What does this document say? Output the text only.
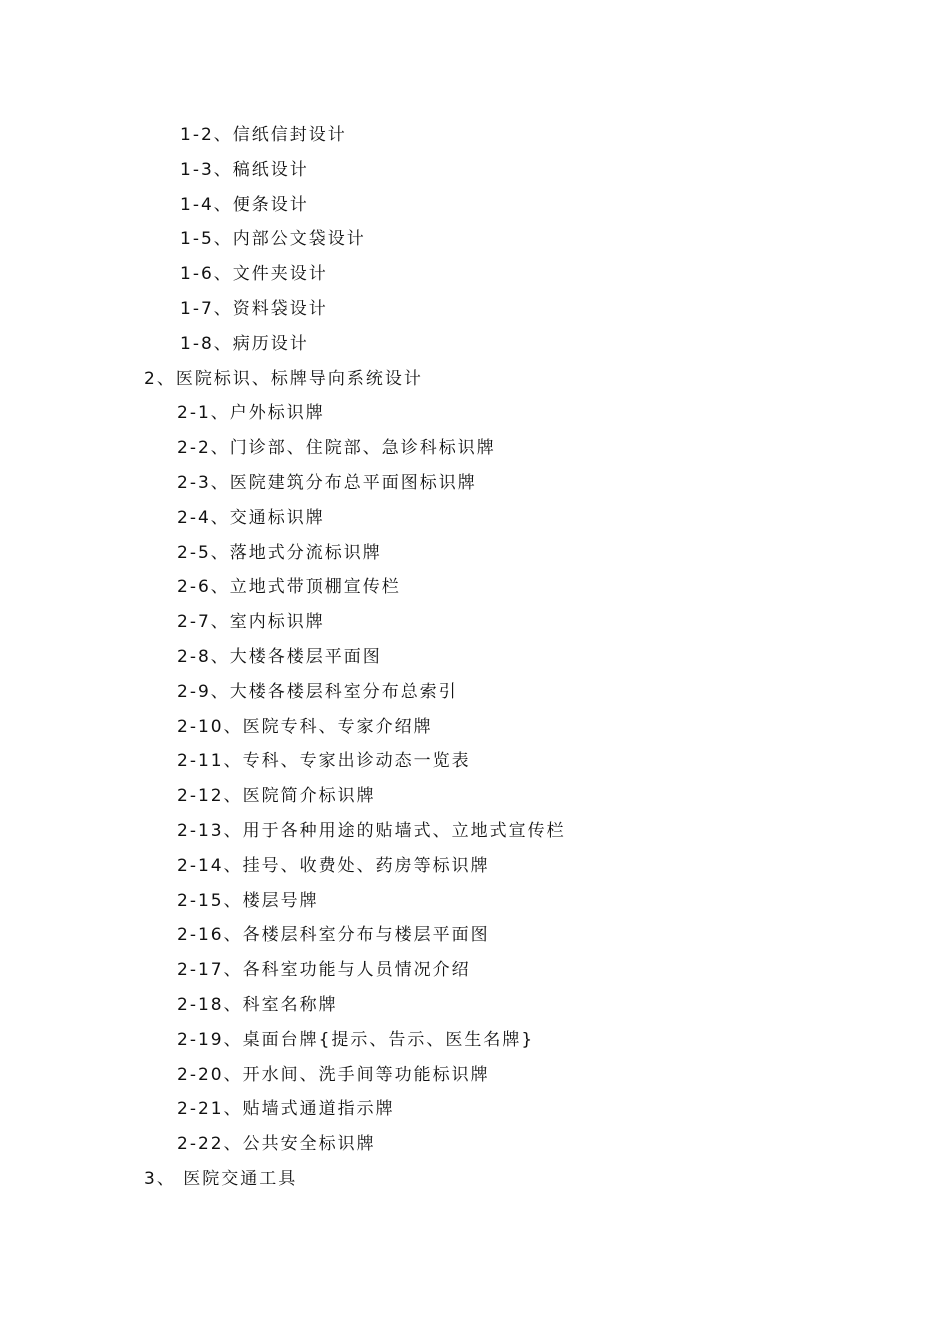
1-2、信纸信封设计
1-3、稿纸设计
1-4、便条设计
1-5、内部公文袋设计
1-6、文件夹设计
1-7、资料袋设计
1-8、病历设计
2、医院标识、标牌导向系统设计
2-1、户外标识牌
2-2、门诊部、住院部、急诊科标识牌
2-3、医院建筑分布总平面图标识牌
2-4、交通标识牌
2-5、落地式分流标识牌
2-6、立地式带顶棚宣传栏
2-7、室内标识牌
2-8、大楼各楼层平面图
2-9、大楼各楼层科室分布总索引
2-10、医院专科、专家介绍牌
2-11、专科、专家出诊动态一览表
2-12、医院简介标识牌
2-13、用于各种用途的贴墙式、立地式宣传栏
2-14、挂号、收费处、药房等标识牌
2-15、楼层号牌
2-16、各楼层科室分布与楼层平面图
2-17、各科室功能与人员情况介绍
2-18、科室名称牌
2-19、桌面台牌{提示、告示、医生名牌}
2-20、开水间、洗手间等功能标识牌
2-21、贴墙式通道指示牌
2-22、公共安全标识牌
3、 医院交通工具
